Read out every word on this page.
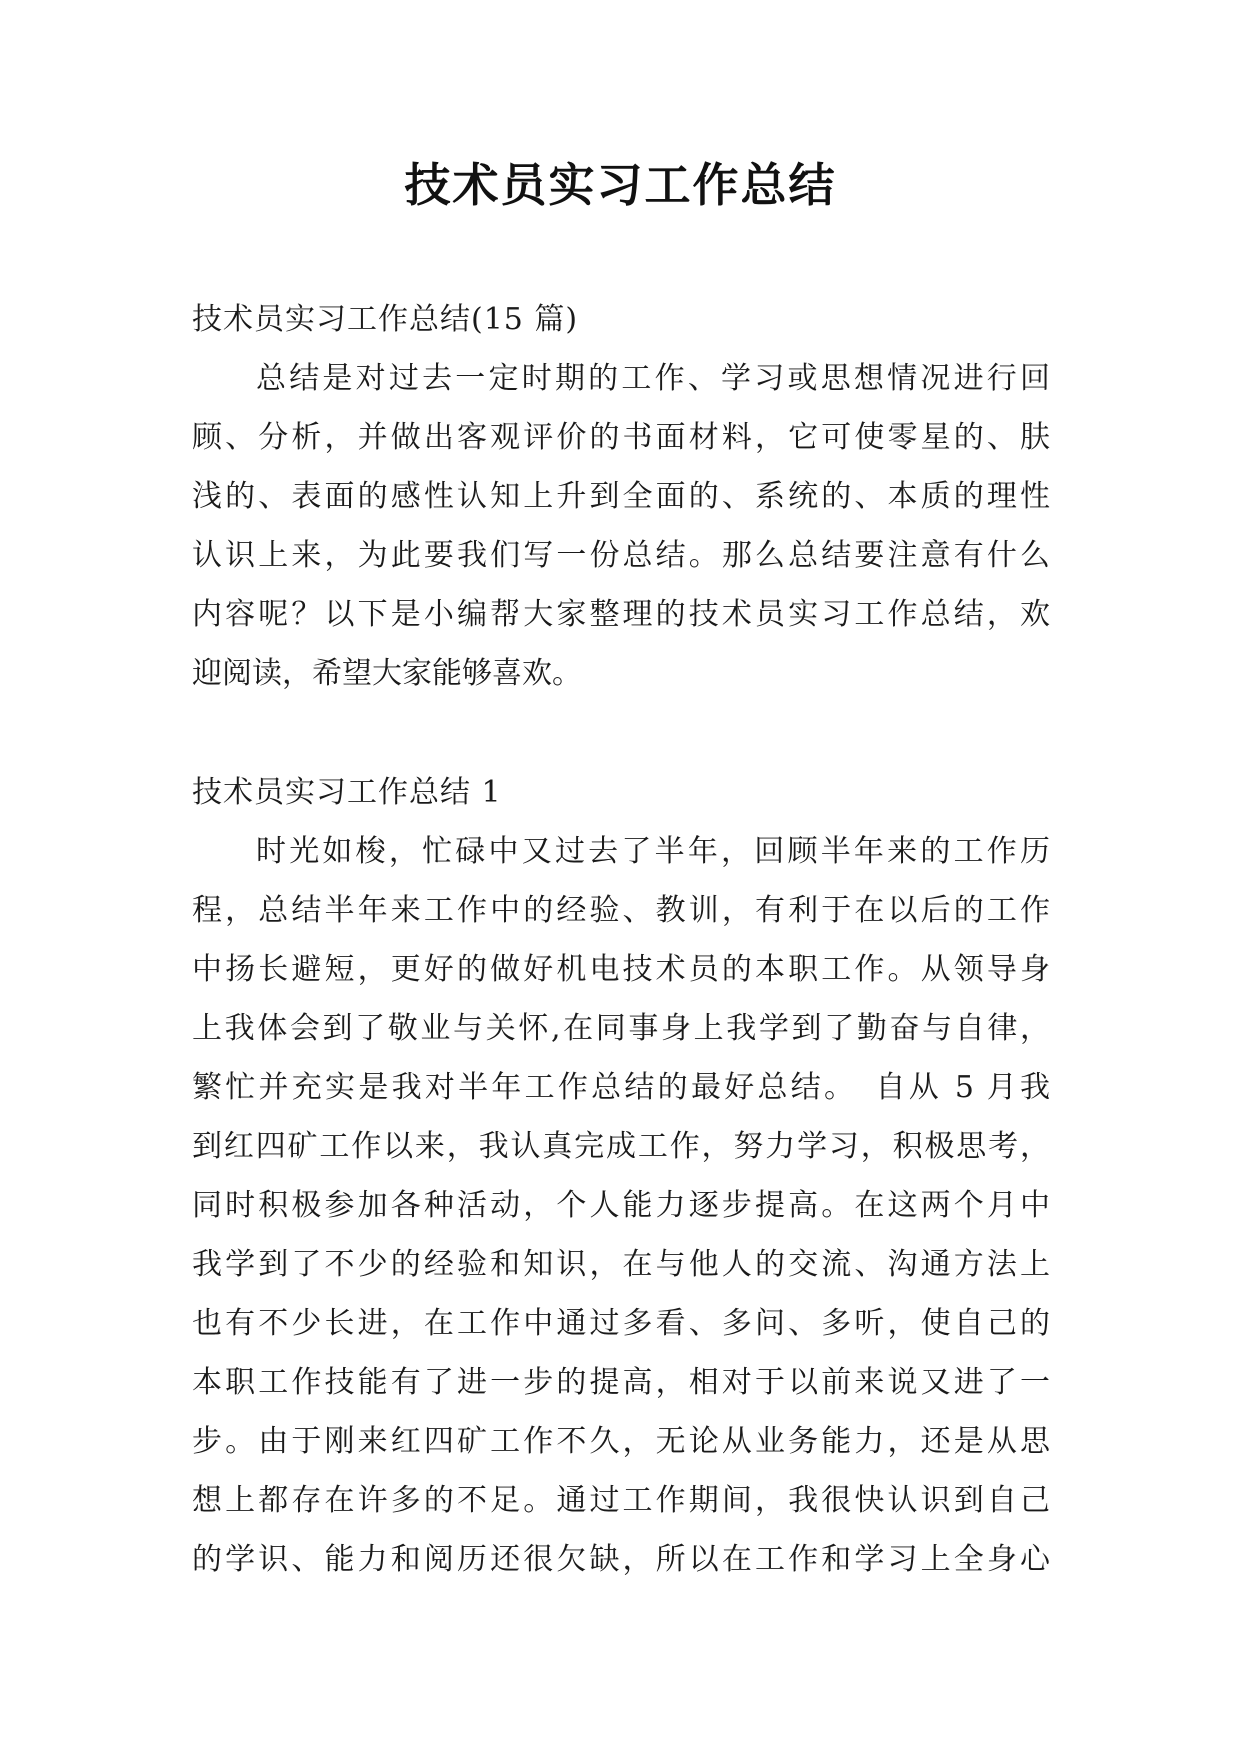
技术员实习工作总结
技术员实习工作总结(15 篇)
总结是对过去一定时期的工作、学习或思想情况进行回
顾、分析，并做出客观评价的书面材料，它可使零星的、肤
浅的、表面的感性认知上升到全面的、系统的、本质的理性
认识上来，为此要我们写一份总结。那么总结要注意有什么
内容呢？以下是小编帮大家整理的技术员实习工作总结，欢
迎阅读，希望大家能够喜欢。
技术员实习工作总结 1
时光如梭，忙碌中又过去了半年，回顾半年来的工作历
程，总结半年来工作中的经验、教训，有利于在以后的工作
中扬长避短，更好的做好机电技术员的本职工作。从领导身
上我体会到了敬业与关怀,在同事身上我学到了勤奋与自律，
繁忙并充实是我对半年工作总结的最好总结。　自从 5 月我
到红四矿工作以来，我认真完成工作，努力学习，积极思考，
同时积极参加各种活动，个人能力逐步提高。在这两个月中
我学到了不少的经验和知识，在与他人的交流、沟通方法上
也有不少长进，在工作中通过多看、多问、多听，使自己的
本职工作技能有了进一步的提高，相对于以前来说又进了一
步。由于刚来红四矿工作不久，无论从业务能力，还是从思
想上都存在许多的不足。通过工作期间，我很快认识到自己
的学识、能力和阅历还很欠缺，所以在工作和学习上全身心
